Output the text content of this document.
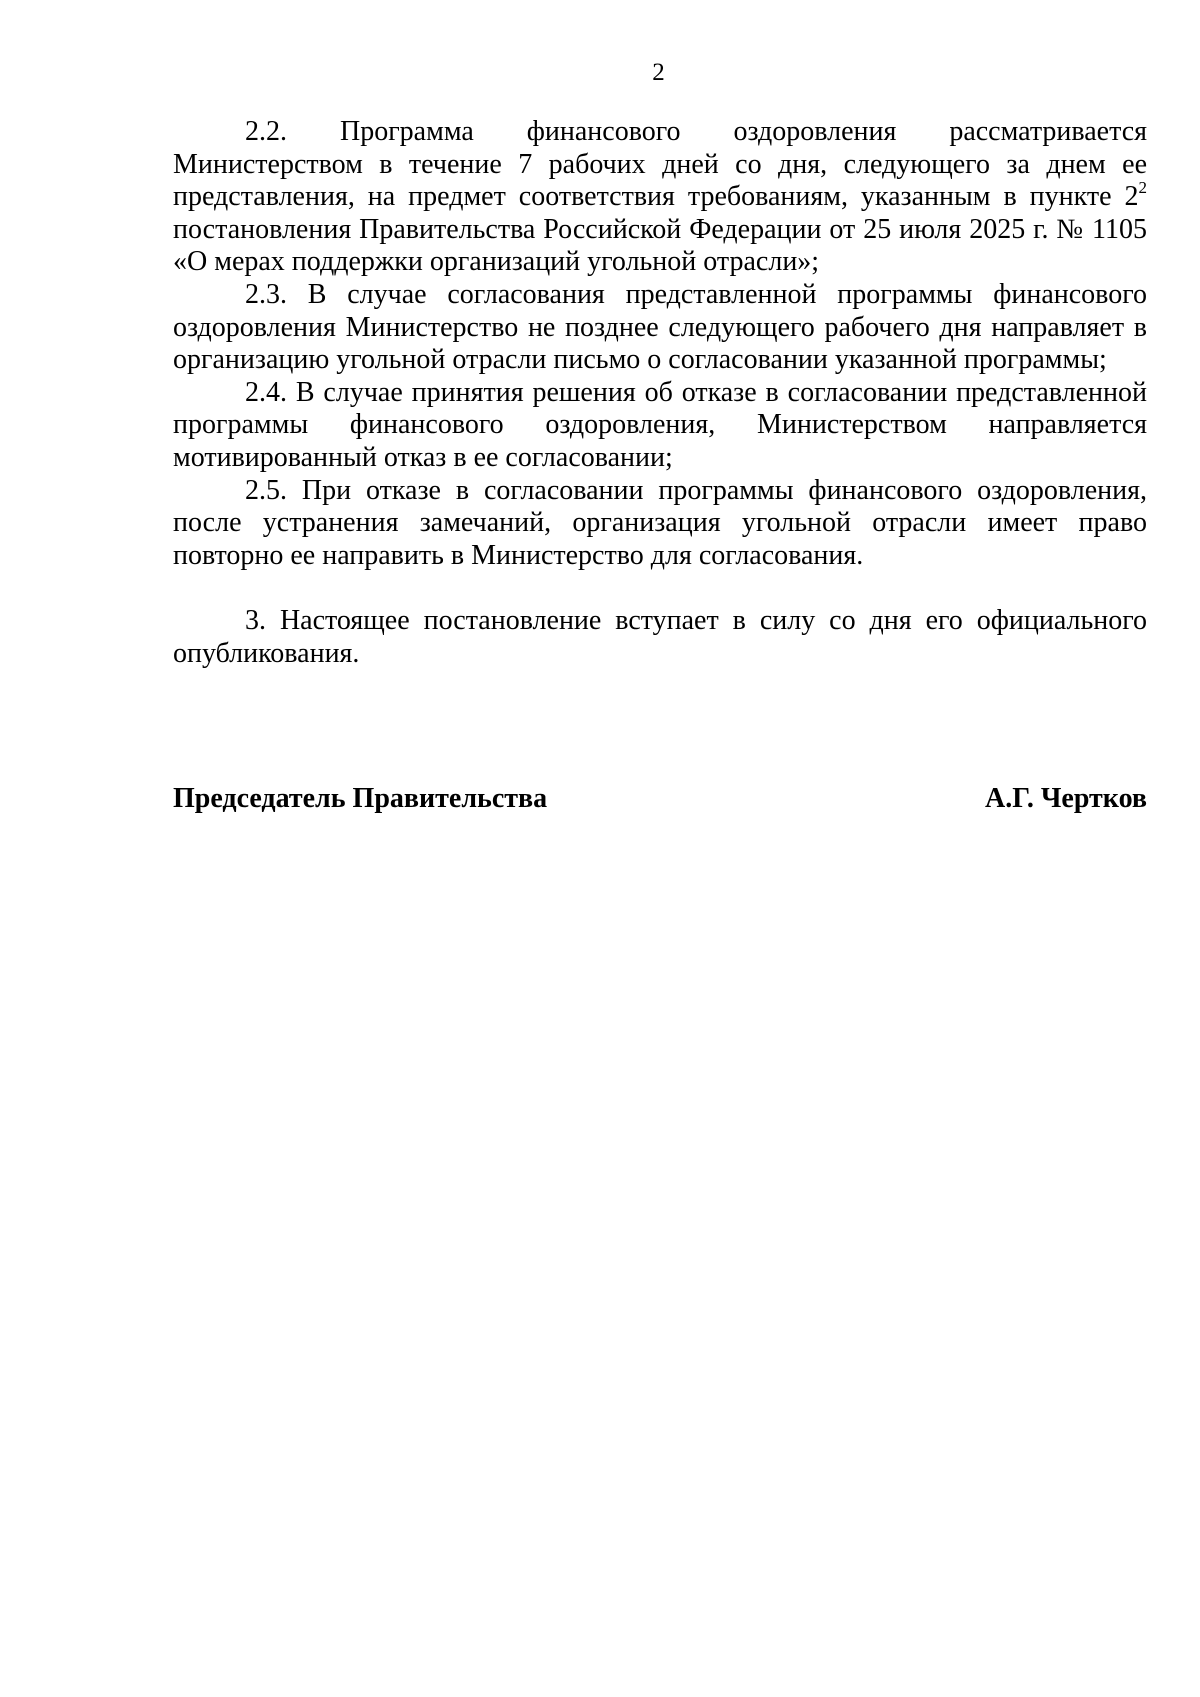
2

2.2. Программа финансового оздоровления рассматривается Министерством в течение 7 рабочих дней со дня, следующего за днем ее представления, на предмет соответствия требованиям, указанным в пункте $2^2$ постановления Правительства Российской Федерации от 25 июля 2025 г. № 1105 «О мерах поддержки организаций угольной отрасли»;

2.3. В случае согласования представленной программы финансового оздоровления Министерство не позднее следующего рабочего дня направляет в организацию угольной отрасли письмо о согласовании указанной программы;

2.4. В случае принятия решения об отказе в согласовании представленной программы финансового оздоровления, Министерством направляется мотивированный отказ в ее согласовании;

2.5. При отказе в согласовании программы финансового оздоровления, после устранения замечаний, организация угольной отрасли имеет право повторно ее направить в Министерство для согласования.

3. Настоящее постановление вступает в силу со дня его официального опубликования.

Председатель Правительства	А.Г. Чертков
